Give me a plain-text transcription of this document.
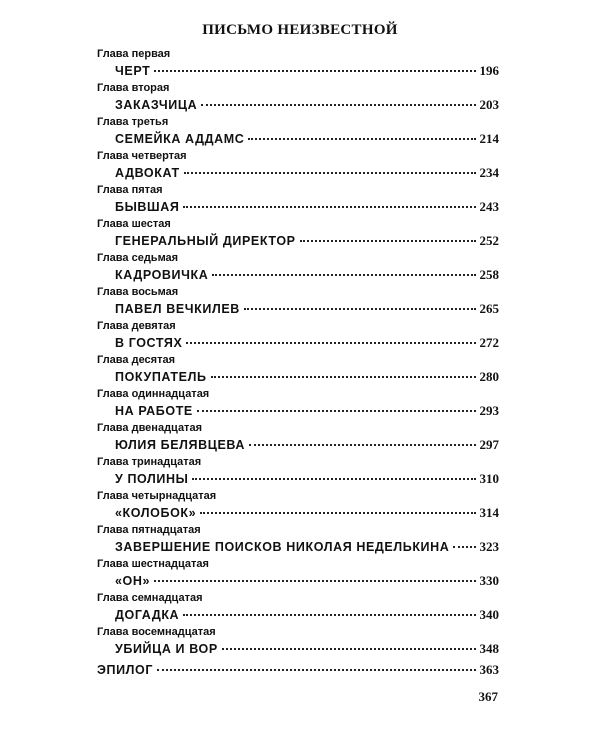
ПИСЬМО НЕИЗВЕСТНОЙ
Глава первая
ЧЕРТ	196
Глава вторая
ЗАКАЗЧИЦА	203
Глава третья
СЕМЕЙКА АДДАМС	214
Глава четвертая
АДВОКАТ	234
Глава пятая
БЫВШАЯ	243
Глава шестая
ГЕНЕРАЛЬНЫЙ ДИРЕКТОР	252
Глава седьмая
КАДРОВИЧКА	258
Глава восьмая
ПАВЕЛ ВЕЧКИЛЕВ	265
Глава девятая
В ГОСТЯХ	272
Глава десятая
ПОКУПАТЕЛЬ	280
Глава одиннадцатая
НА РАБОТЕ	293
Глава двенадцатая
ЮЛИЯ БЕЛЯВЦЕВА	297
Глава тринадцатая
У ПОЛИНЫ	310
Глава четырнадцатая
«КОЛОБОК»	314
Глава пятнадцатая
ЗАВЕРШЕНИЕ ПОИСКОВ НИКОЛАЯ НЕДЕЛЬКИНА 323
Глава шестнадцатая
«ОН»	330
Глава семнадцатая
ДОГАДКА	340
Глава восемнадцатая
УБИЙЦА И ВОР	348
ЭПИЛОГ	363
367
